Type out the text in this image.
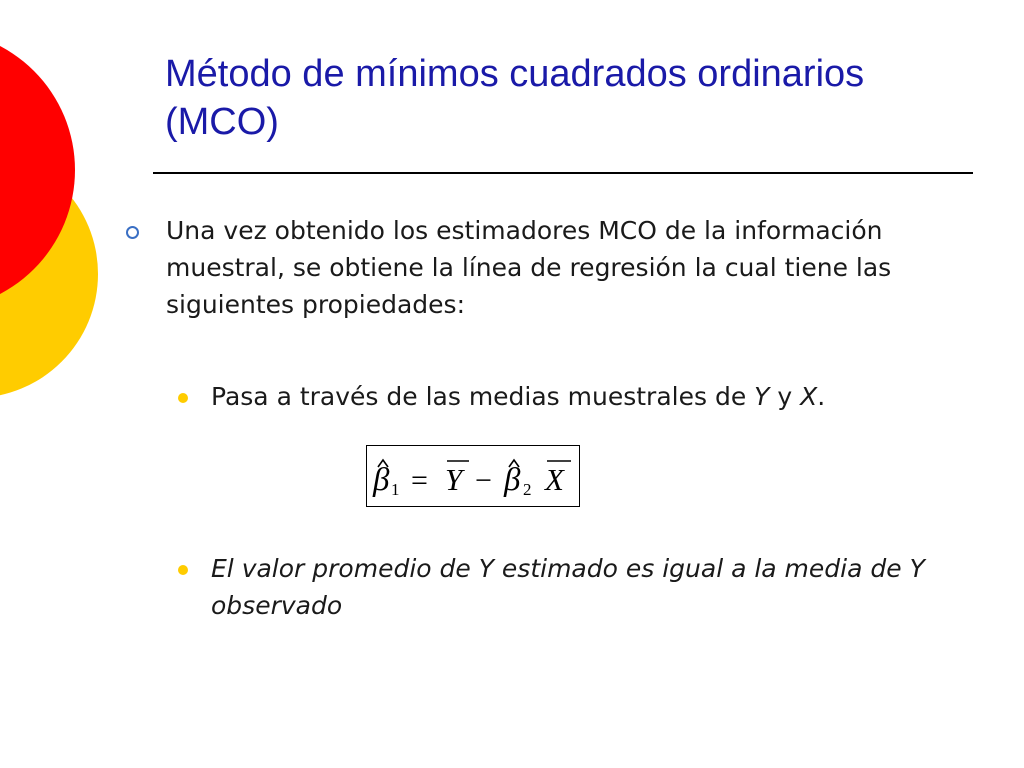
Método de mínimos cuadrados ordinarios (MCO)
Una vez obtenido los estimadores MCO de la información muestral, se obtiene la línea de regresión la cual tiene las siguientes propiedades:
Pasa a través de las medias muestrales de Y y X.
β 1 = Y − β 2 X
El valor promedio de Y estimado es igual a la media de Y observado
